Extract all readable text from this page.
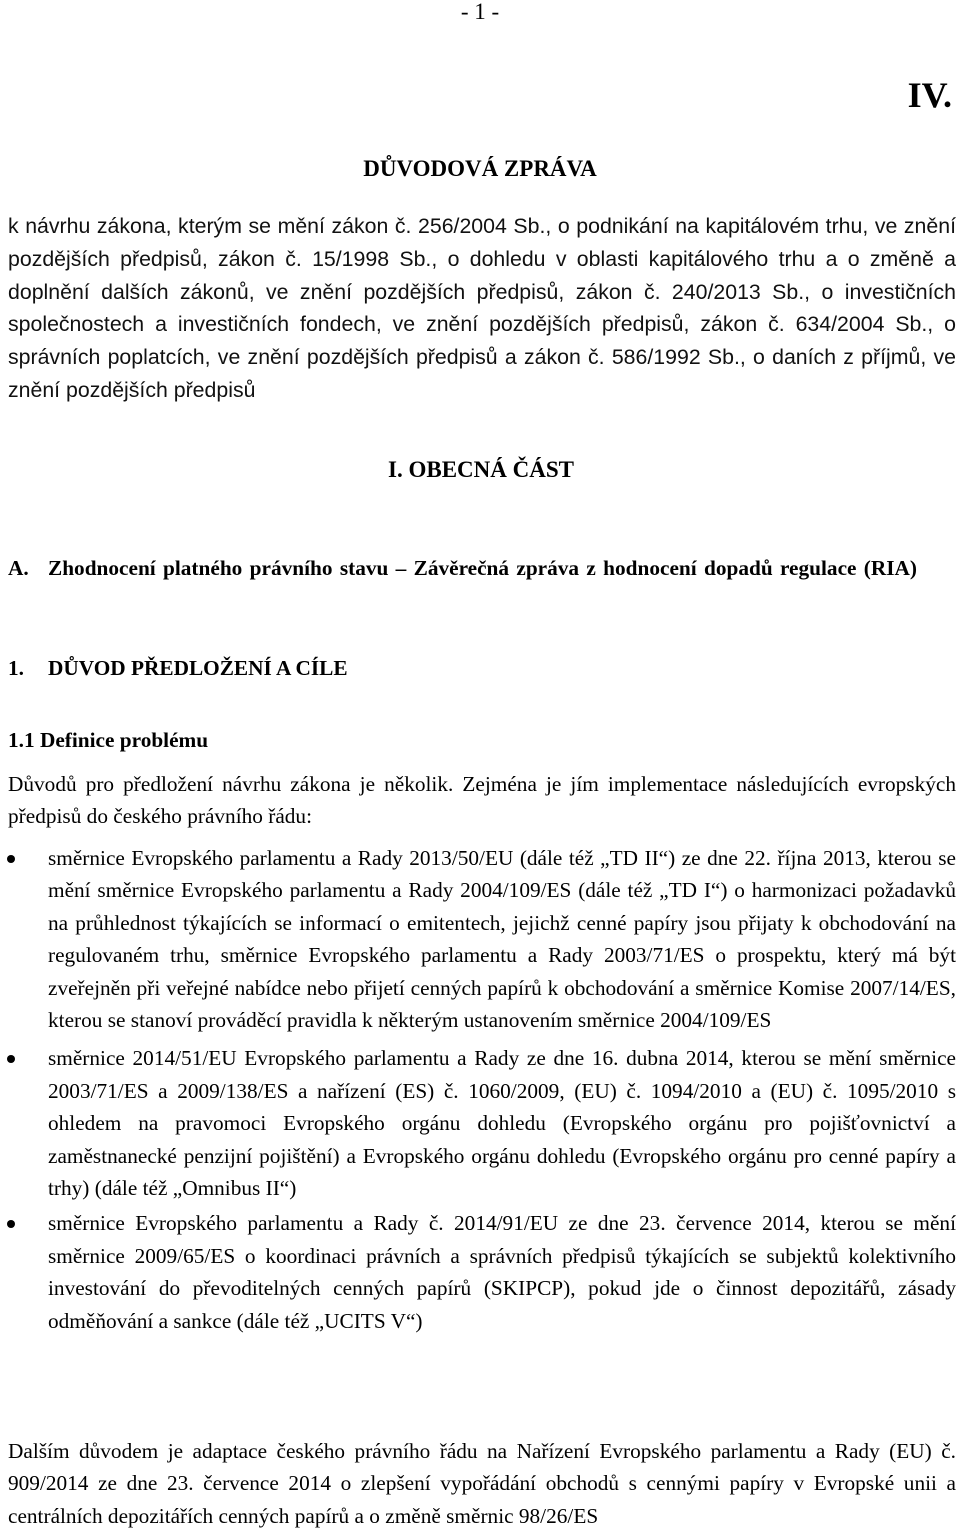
- 1 -
IV.
DŮVODOVÁ ZPRÁVA
k návrhu zákona, kterým se mění zákon č. 256/2004 Sb., o podnikání na kapitálovém trhu, ve znění pozdějších předpisů, zákon č. 15/1998 Sb., o dohledu v oblasti kapitálového trhu a o změně a doplnění dalších zákonů, ve znění pozdějších předpisů, zákon č. 240/2013 Sb., o investičních společnostech a investičních fondech, ve znění pozdějších předpisů, zákon č. 634/2004 Sb., o správních poplatcích, ve znění pozdějších předpisů a zákon č. 586/1992 Sb., o daních z příjmů, ve znění pozdějších předpisů
I. OBECNÁ ČÁST
A. Zhodnocení platného právního stavu – Závěrečná zpráva z hodnocení dopadů regulace (RIA)
1.	DŮVOD PŘEDLOŽENÍ A CÍLE
1.1 Definice problému
Důvodů pro předložení návrhu zákona je několik. Zejména je jím implementace následujících evropských předpisů do českého právního řádu:
směrnice Evropského parlamentu a Rady 2013/50/EU (dále též „TD II“) ze dne 22. října 2013, kterou se mění směrnice Evropského parlamentu a Rady 2004/109/ES (dále též „TD I“) o harmonizaci požadavků na průhlednost týkajících se informací o emitentech, jejichž cenné papíry jsou přijaty k obchodování na regulovaném trhu, směrnice Evropského parlamentu a Rady 2003/71/ES o prospektu, který má být zveřejněn při veřejné nabídce nebo přijetí cenných papírů k obchodování a směrnice Komise 2007/14/ES, kterou se stanoví prováděcí pravidla k některým ustanovením směrnice 2004/109/ES
směrnice 2014/51/EU Evropského parlamentu a Rady ze dne 16. dubna 2014, kterou se mění směrnice 2003/71/ES a 2009/138/ES a nařízení (ES) č. 1060/2009, (EU) č. 1094/2010 a (EU) č. 1095/2010 s ohledem na pravomoci Evropského orgánu dohledu (Evropského orgánu pro pojišťovnictví a zaměstnanecké penzijní pojištění) a Evropského orgánu dohledu (Evropského orgánu pro cenné papíry a trhy) (dále též „Omnibus II“)
směrnice Evropského parlamentu a Rady č. 2014/91/EU ze dne 23. července 2014, kterou se mění směrnice 2009/65/ES o koordinaci právních a správních předpisů týkajících se subjektů kolektivního investování do převoditelných cenných papírů (SKIPCP), pokud jde o činnost depozitářů, zásady odměňování a sankce (dále též „UCITS V“)
Dalším důvodem je adaptace českého právního řádu na Nařízení Evropského parlamentu a Rady (EU) č. 909/2014 ze dne 23. července 2014 o zlepšení vypořádání obchodů s cennými papíry v Evropské unii a centrálních depozitářích cenných papírů a o změně směrnic 98/26/ES
